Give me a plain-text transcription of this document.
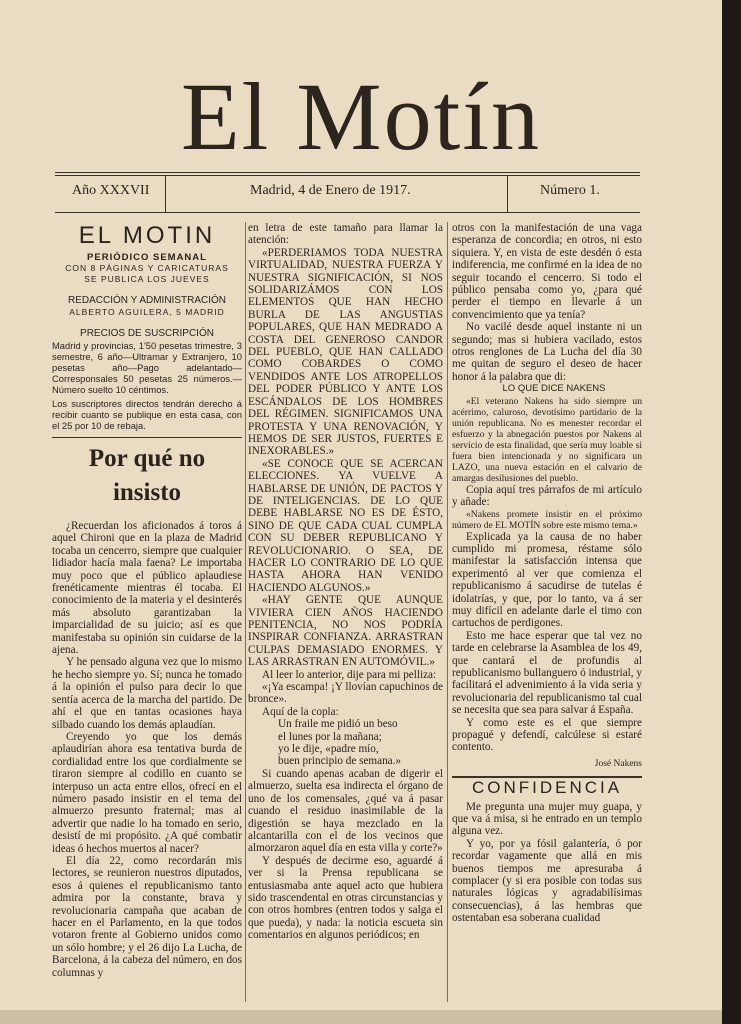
El Motín
Año XXXVII	Madrid, 4 de Enero de 1917.	Número 1.
EL MOTIN
PERIÓDICO SEMANAL
CON 8 PÁGINAS Y CARICATURAS
SE PUBLICA LOS JUEVES
REDACCIÓN Y ADMINISTRACIÓN
ALBERTO AGUILERA, 5 MADRID
PRECIOS DE SUSCRIPCIÓN
Madrid y provincias, 1'50 pesetas trimestre, 3 semestre, 6 año—Ultramar y Extranjero, 10 pesetas año—Pago adelantado—Corresponsales 50 pesetas 25 números.—Número suelto 10 céntimos.
Los suscriptores directos tendrán derecho á recibir cuanto se publique en esta casa, con el 25 por 10 de rebaja.
Por qué no insisto

¿Recuerdan los aficionados á toros á aquel Chironi que en la plaza de Madrid tocaba un cencerro, siempre que cualquier lidiador hacía mala faena? Le importaba muy poco que el público aplaudiese frenéticamente mientras él tocaba. El conocimiento de la materia y el desinterés más absoluto garantizaban la imparcialidad de su juicio; así es que manifestaba su opinión sin cuidarse de la ajena.

Y he pensado alguna vez que lo mismo he hecho siempre yo. Sí; nunca he tomado á la opinión el pulso para decir lo que sentía acerca de la marcha del partido. De ahí el que en tantas ocasiones haya silbado cuando los demás aplaudían.

Creyendo yo que los demás aplaudirían ahora esa tentativa burda de cordialidad entre los que cordialmente se tiraron siempre al codillo en cuanto se interpuso un acta entre ellos, ofrecí en el número pasado insistir en el tema del almuerzo presunto fraternal; mas al advertir que nadie lo ha tomado en serio, desistí de mi propósito. ¿A qué combatir ideas ó hechos muertos al nacer?

El día 22, como recordarán mis lectores, se reunieron nuestros diputados, esos á quienes el republicanismo tanto admira por la constante, brava y revolucionaria campaña que acaban de hacer en el Parlamento, en la que todos votaron frente al Gobierno unidos como un sólo hombre; y el 26 dijo La Lucha, de Barcelona, á la cabeza del número, en dos columnas y

en letra de este tamaño para llamar la atención:

«PERDERIAMOS TODA NUESTRA VIRTUALIDAD, NUESTRA FUERZA Y NUESTRA SIGNIFICACIÓN, SI NOS SOLIDARIZÁMOS CON LOS ELEMENTOS QUE HAN HECHO BURLA DE LAS ANGUSTIAS POPULARES, QUE HAN MEDRADO A COSTA DEL GENEROSO CANDOR DEL PUEBLO, QUE HAN CALLADO COMO COBARDES O COMO VENDIDOS ANTE LOS ATROPELLOS DEL PODER PÚBLICO Y ANTE LOS ESCÁNDALOS DE LOS HOMBRES DEL RÉGIMEN. SIGNIFICAMOS UNA PROTESTA Y UNA RENOVACIÓN, Y HEMOS DE SER JUSTOS, FUERTES E INEXORABLES.»

«SE CONOCE QUE SE ACERCAN ELECCIONES. YA VUELVE A HABLARSE DE UNIÓN, DE PACTOS Y DE INTELIGENCIAS. DE LO QUE DEBE HABLARSE NO ES DE ÉSTO, SINO DE QUE CADA CUAL CUMPLA CON SU DEBER REPUBLICANO Y REVOLUCIONARIO. O SEA, DE HACER LO CONTRARIO DE LO QUE HASTA AHORA HAN VENIDO HACIENDO ALGUNOS.»

«HAY GENTE QUE AUNQUE VIVIERA CIEN AÑOS HACIENDO PENITENCIA, NO NOS PODRÍA INSPIRAR CONFIANZA. ARRASTRAN CULPAS DEMASIADO ENORMES. Y LAS ARRASTRAN EN AUTOMÓVIL.»

Al leer lo anterior, dije para mi pelliza:

«¡Ya escampa! ¡Y llovían capuchinos de bronce».

Aquí de la copla:

Un fraile me pidió un beso

el lunes por la mañana;

yo le dije, «padre mío,

buen principio de semana.»

Si cuando apenas acaban de digerir el almuerzo, suelta esa indirecta el órgano de uno de los comensales, ¿qué va á pasar cuando el residuo inasimilable de la digestión se haya mezclado en la alcantarilla con el de los vecinos que almorzaron aquel día en esta villa y corte?»

Y después de decirme eso, aguardé á ver si la Prensa republicana se entusiasmaba ante aquel acto que hubiera sido trascendental en otras circunstancias y con otros hombres (entren todos y salga el que pueda), y nada: la noticia escueta sin comentarios en algunos periódicos; en

otros con la manifestación de una vaga esperanza de concordia; en otros, ni esto siquiera. Y, en vista de este desdén ó esta indiferencia, me confirmé en la idea de no seguir tocando el cencerro. Si todo el público pensaba como yo, ¿para qué perder el tiempo en llevarle á un convencimiento que ya tenía?

No vacilé desde aquel instante ni un segundo; mas si hubiera vacilado, estos otros renglones de La Lucha del día 30 me quitan de seguro el deseo de hacer honor á la palabra que di:

LO QUE DICE NAKENS

«El veterano Nakens ha sido siempre un acérrimo, caluroso, devotísimo partidario de la unión republicana. No es menester recordar el esfuerzo y la abnegación puestos por Nakens al servicio de esta finalidad, que sería muy loable si fuera bien intencionada y no significara un LAZO, una nueva estación en el calvario de amargas desilusiones del pueblo.

Copia aquí tres párrafos de mi artículo y añade:

«Nakens promete insistir en el próximo número de EL MOTÍN sobre este mismo tema.»

Explicada ya la causa de no haber cumplido mi promesa, réstame sólo manifestar la satisfacción intensa que experimentó al ver que comienza el republicanismo á sacudirse de tutelas é idolatrías, y que, por lo tanto, va á ser muy difícil en adelante darle el timo con cartuchos de perdigones.

Esto me hace esperar que tal vez no tarde en celebrarse la Asamblea de los 49, que cantará el de profundis al republicanismo bullanguero ó industrial, y facilitará el advenimiento á la vida seria y revolucionaria del republicanismo tal cual se necesita que sea para salvar á España.

Y como este es el que siempre propagué y defendí, calcúlese si estaré contento.

José Nakens
CONFIDENCIA

Me pregunta una mujer muy guapa, y que va á misa, si he entrado en un templo alguna vez.

Y yo, por ya fósil galantería, ó por recordar vagamente que allá en mis buenos tiempos me apresuraba á complacer (y si era posible con todas sus naturales lógicas y agradabilísimas consecuencias), á las hembras que ostentaban esa soberana cualidad
